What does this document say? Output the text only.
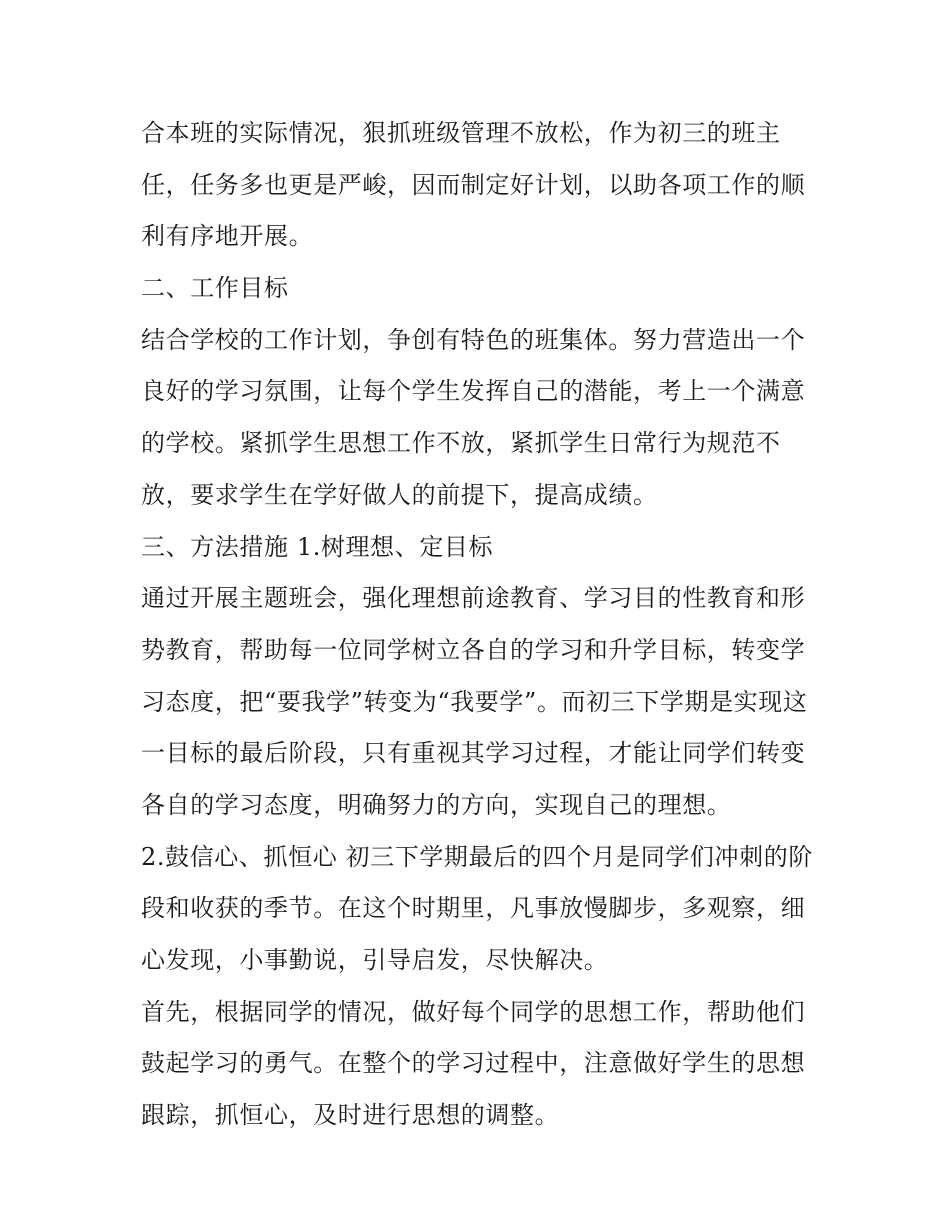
合本班的实际情况，狠抓班级管理不放松，作为初三的班主
任，任务多也更是严峻，因而制定好计划，以助各项工作的顺
利有序地开展。
二、工作目标
结合学校的工作计划，争创有特色的班集体。努力营造出一个
良好的学习氛围，让每个学生发挥自己的潜能，考上一个满意
的学校。紧抓学生思想工作不放，紧抓学生日常行为规范不
放，要求学生在学好做人的前提下，提高成绩。
三、方法措施 1.树理想、定目标
通过开展主题班会，强化理想前途教育、学习目的性教育和形
势教育，帮助每一位同学树立各自的学习和升学目标，转变学
习态度，把“要我学”转变为“我要学”。而初三下学期是实现这
一目标的最后阶段，只有重视其学习过程，才能让同学们转变
各自的学习态度，明确努力的方向，实现自己的理想。
2.鼓信心、抓恒心 初三下学期最后的四个月是同学们冲刺的阶
段和收获的季节。在这个时期里，凡事放慢脚步，多观察，细
心发现，小事勤说，引导启发，尽快解决。
首先，根据同学的情况，做好每个同学的思想工作，帮助他们
鼓起学习的勇气。在整个的学习过程中，注意做好学生的思想
跟踪，抓恒心，及时进行思想的调整。
